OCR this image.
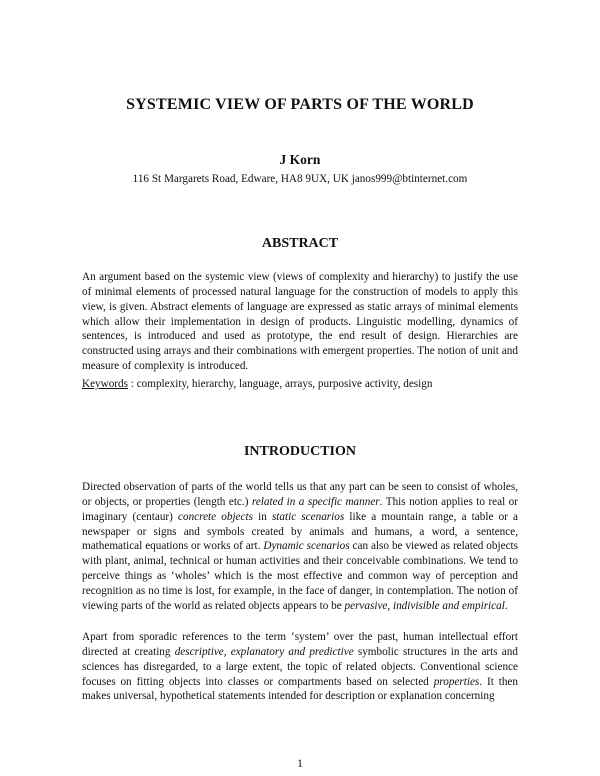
SYSTEMIC VIEW OF PARTS OF THE WORLD
J Korn
116 St Margarets Road, Edware, HA8 9UX, UK janos999@btinternet.com
ABSTRACT

An argument based on the systemic view (views of complexity and hierarchy) to justify the use of minimal elements of processed natural language for the construction of models to apply this view, is given. Abstract elements of language are expressed as static arrays of minimal elements which allow their implementation in design of products. Linguistic modelling, dynamics of sentences, is introduced and used as prototype, the end result of design. Hierarchies are constructed using arrays and their combinations with emergent properties. The notion of unit and measure of complexity is introduced.

Keywords : complexity, hierarchy, language, arrays, purposive activity, design
INTRODUCTION

Directed observation of parts of the world tells us that any part can be seen to consist of wholes, or objects, or properties (length etc.) related in a specific manner. This notion applies to real or imaginary (centaur) concrete objects in static scenarios like a mountain range, a table or a newspaper or signs and symbols created by animals and humans, a word, a sentence, mathematical equations or works of art. Dynamic scenarios can also be viewed as related objects with plant, animal, technical or human activities and their conceivable combinations. We tend to perceive things as ‘wholes’ which is the most effective and common way of perception and recognition as no time is lost, for example, in the face of danger, in contemplation. The notion of viewing parts of the world as related objects appears to be pervasive, indivisible and empirical.

Apart from sporadic references to the term ‘system’ over the past, human intellectual effort directed at creating descriptive, explanatory and predictive symbolic structures in the arts and sciences has disregarded, to a large extent, the topic of related objects. Conventional science focuses on fitting objects into classes or compartments based on selected properties. It then makes universal, hypothetical statements intended for description or explanation concerning

1
